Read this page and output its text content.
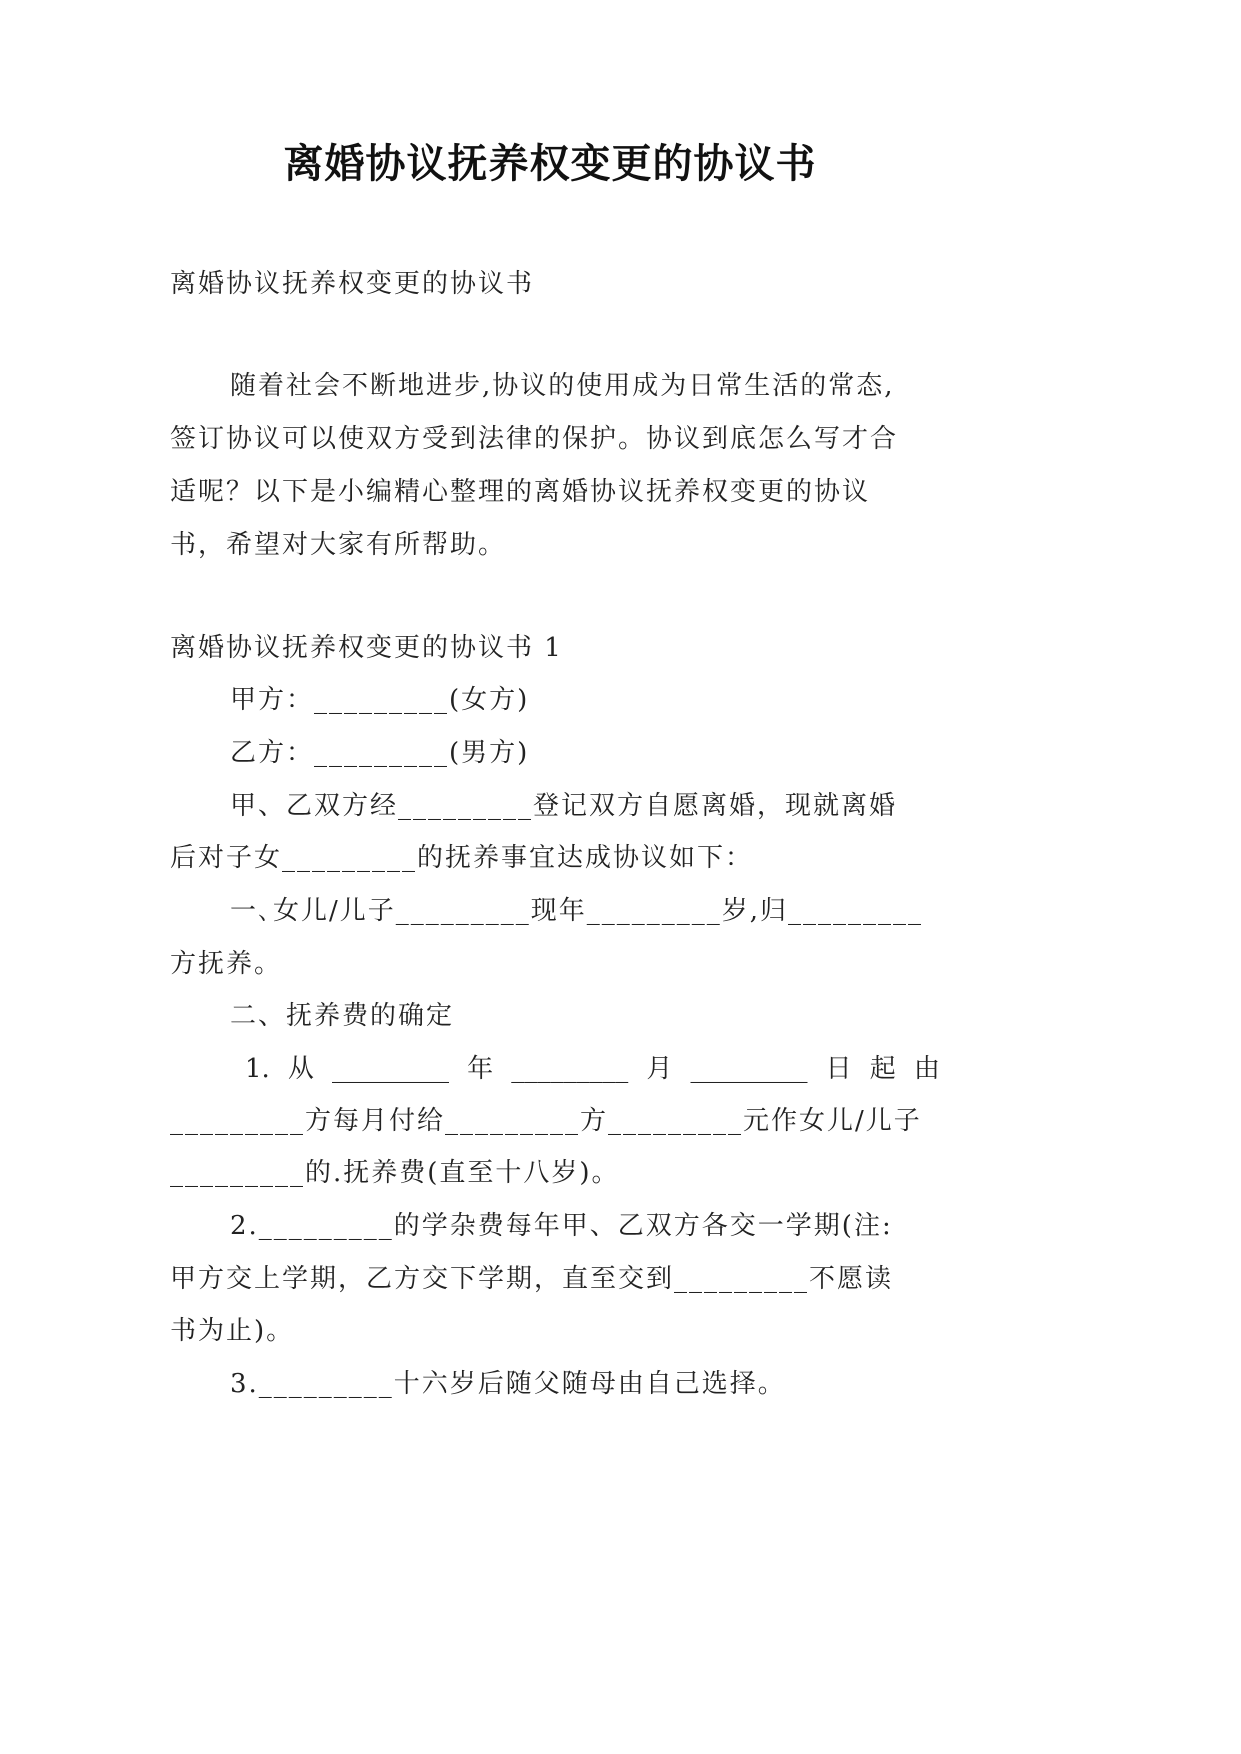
离婚协议抚养权变更的协议书
离婚协议抚养权变更的协议书
随着社会不断地进步,协议的使用成为日常生活的常态,
签订协议可以使双方受到法律的保护。协议到底怎么写才合
适呢？以下是小编精心整理的离婚协议抚养权变更的协议
书，希望对大家有所帮助。
离婚协议抚养权变更的协议书 1
甲方：_________(女方)
乙方：_________(男方)
甲、乙双方经_________登记双方自愿离婚，现就离婚
后对子女_________的抚养事宜达成协议如下：
一､女儿/儿子_________现年_________岁,归_________
方抚养。
二、抚养费的确定
1. 从 _________ 年 _________ 月 _________ 日 起 由
_________方每月付给_________方_________元作女儿/儿子
_________的.抚养费(直至十八岁)。
2._________的学杂费每年甲、乙双方各交一学期(注:
甲方交上学期，乙方交下学期，直至交到_________不愿读
书为止)。
3._________十六岁后随父随母由自己选择。
